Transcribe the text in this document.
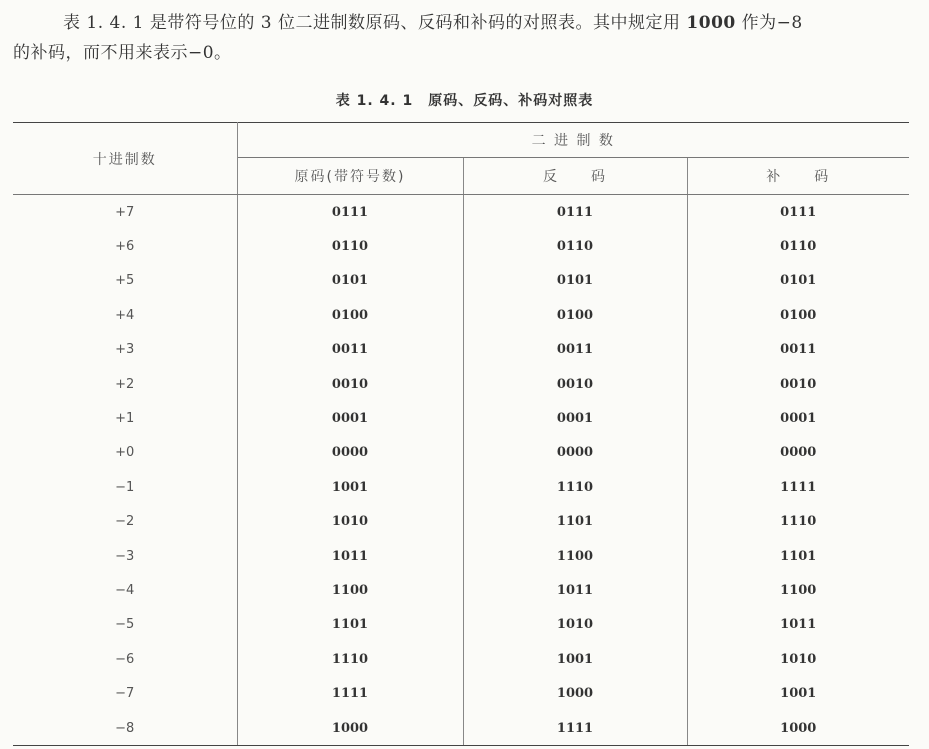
表 1. 4. 1 是带符号位的 3 位二进制数原码、反码和补码的对照表。其中规定用 1000 作为−8

的补码，而不用来表示−0。

表 1. 4. 1　原码、反码、补码对照表
十进制数	二 进 制 数		
	原码(带符号数)	反　　码	补　　码
+7	0111	0111	0111
+6	0110	0110	0110
+5	0101	0101	0101
+4	0100	0100	0100
+3	0011	0011	0011
+2	0010	0010	0010
+1	0001	0001	0001
+0	0000	0000	0000
−1	1001	1110	1111
−2	1010	1101	1110
−3	1011	1100	1101
−4	1100	1011	1100
−5	1101	1010	1011
−6	1110	1001	1010
−7	1111	1000	1001
−8	1000	1111	1000
